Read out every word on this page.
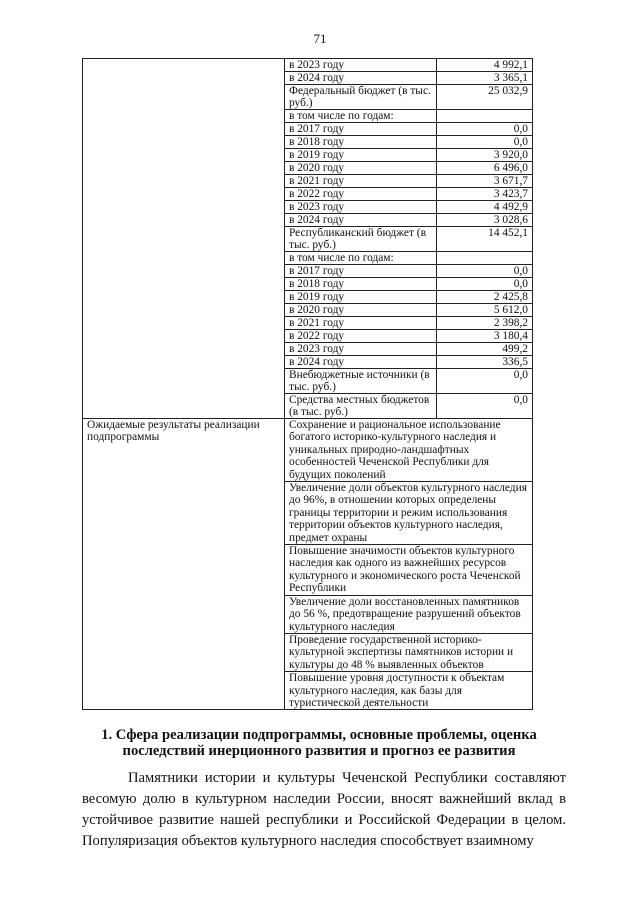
71
	в 2023 году	4 992,1
	в 2024 году	3 365,1
	Федеральный бюджет (в тыс. руб.)	25 032,9
	в том числе по годам:	
	в 2017 году	0,0
	в 2018 году	0,0
	в 2019 году	3 920,0
	в 2020 году	6 496,0
	в 2021 году	3 671,7
	в 2022 году	3 423,7
	в 2023 году	4 492,9
	в 2024 году	3 028,6
	Республиканский бюджет (в тыс. руб.)	14 452,1
	в том числе по годам:	
	в 2017 году	0,0
	в 2018 году	0,0
	в 2019 году	2 425,8
	в 2020 году	5 612,0
	в 2021 году	2 398,2
	в 2022 году	3 180,4
	в 2023 году	499,2
	в 2024 году	336,5
	Внебюджетные источники (в тыс. руб.)	0,0
	Средства местных бюджетов (в тыс. руб.)	0,0
Ожидаемые результаты реализации подпрограммы	Сохранение и рациональное использование богатого историко-культурного наследия и уникальных природно-ландшафтных особенностей Чеченской Республики для будущих поколений	
	Увеличение доли объектов культурного наследия до 96%, в отношении которых определены границы территории и режим использования территории объектов культурного наследия, предмет охраны	
	Повышение значимости объектов культурного наследия как одного из важнейших ресурсов культурного и экономического роста Чеченской Республики	
	Увеличение доли восстановленных памятников до 56 %, предотвращение разрушений объектов культурного наследия	
	Проведение государственной историко-культурной экспертизы памятников истории и культуры до 48 % выявленных объектов	
	Повышение уровня доступности к объектам культурного наследия, как базы для туристической деятельности	
1. Сфера реализации подпрограммы, основные проблемы, оценка последствий инерционного развития и прогноз ее развития

Памятники истории и культуры Чеченской Республики составляют весомую долю в культурном наследии России, вносят важнейший вклад в устойчивое развитие нашей республики и Российской Федерации в целом. Популяризация объектов культурного наследия способствует взаимному
